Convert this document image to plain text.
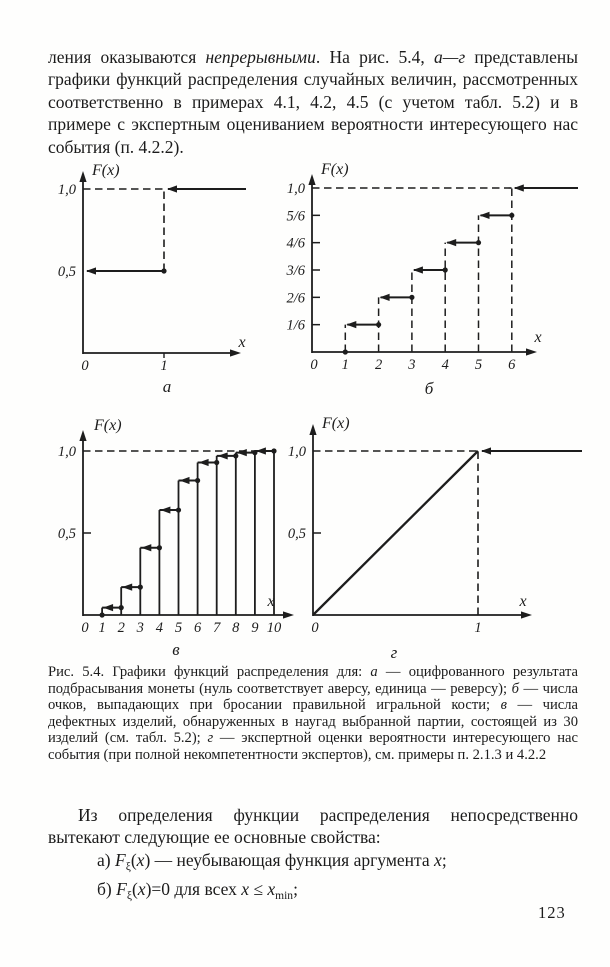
ления оказываются непрерывными. На рис. 5.4, а—г представлены графики функций распределения случайных величин, рассмотренных соответственно в примерах 4.1, 4.2, 4.5 (с учетом табл. 5.2) и в примере с экспертным оцениванием вероятности интересующего нас события (п. 4.2.2).

F(x)
x
а
1,0
0,5
0	1
F(x)
x
б
1,0
5/6
4/6
3/6
2/6
1/6
0 1 2 3 4 5 6
F(x)
x
в
1,0
0,5
0 1 2 3 4 5 6 7 8 9 10
F(x)
x
г
1,0
0,5
0	1

Рис. 5.4. Графики функций распределения для: а — оцифрованного результата подбрасывания монеты (нуль соответствует аверсу, единица — реверсу); б — числа очков, выпадающих при бросании правильной игральной кости; в — числа дефектных изделий, обнаруженных в наугад выбранной партии, состоящей из 30 изделий (см. табл. 5.2); г — экспертной оценки вероятности интересующего нас события (при полной некомпетентности экспертов), см. примеры п. 2.1.3 и 4.2.2

Из определения функции распределения непосредственно вытекают следующие ее основные свойства:

а) $F_\xi(x)$ — неубывающая функция аргумента x;

б) $F_\xi(x)=0$ для всех $x \le x_{min}$;

123
